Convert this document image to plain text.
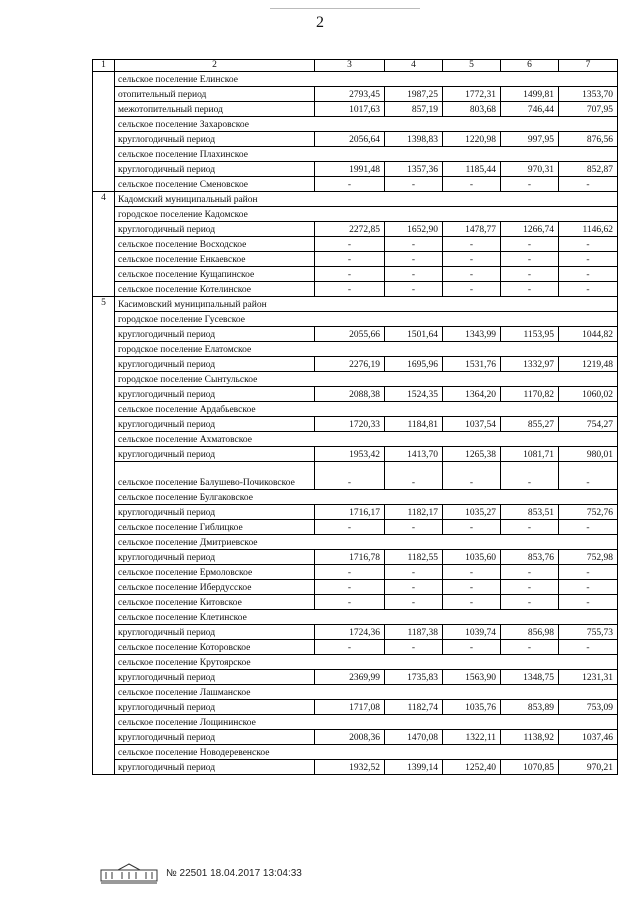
2
1	2	3	4	5	6	7
	сельское поселение Елинское					
	отопительный период	2793,45	1987,25	1772,31	1499,81	1353,70
	межотопительный период	1017,63	857,19	803,68	746,44	707,95
	сельское поселение Захаровское					
	круглогодичный период	2056,64	1398,83	1220,98	997,95	876,56
	сельское поселение Плахинское					
	круглогодичный период	1991,48	1357,36	1185,44	970,31	852,87
	сельское поселение Сменовское	-	-	-	-	-
4	Кадомский муниципальный район					
	городское поселение Кадомское					
	круглогодичный период	2272,85	1652,90	1478,77	1266,74	1146,62
	сельское поселение Восходское	-	-	-	-	-
	сельское поселение Енкаевское	-	-	-	-	-
	сельское поселение Кущапинское	-	-	-	-	-
	сельское поселение Котелинское	-	-	-	-	-
5	Касимовский муниципальный район					
	городское поселение Гусевское					
	круглогодичный период	2055,66	1501,64	1343,99	1153,95	1044,82
	городское поселение Елатомское					
	круглогодичный период	2276,19	1695,96	1531,76	1332,97	1219,48
	городское поселение Сынтульское					
	круглогодичный период	2088,38	1524,35	1364,20	1170,82	1060,02
	сельское поселение Ардабьевское					
	круглогодичный период	1720,33	1184,81	1037,54	855,27	754,27
	сельское поселение Ахматовское					
	круглогодичный период	1953,42	1413,70	1265,38	1081,71	980,01
	сельское поселение Балушево-Почиковское	-	-	-	-	-
	сельское поселение Булгаковское					
	круглогодичный период	1716,17	1182,17	1035,27	853,51	752,76
	сельское поселение Гиблицкое	-	-	-	-	-
	сельское поселение Дмитриевское					
	круглогодичный период	1716,78	1182,55	1035,60	853,76	752,98
	сельское поселение Ермоловское	-	-	-	-	-
	сельское поселение Ибердусское	-	-	-	-	-
	сельское поселение Китовское	-	-	-	-	-
	сельское поселение Клетинское					
	круглогодичный период	1724,36	1187,38	1039,74	856,98	755,73
	сельское поселение Которовское	-	-	-	-	-
	сельское поселение Крутоярское					
	круглогодичный период	2369,99	1735,83	1563,90	1348,75	1231,31
	сельское поселение Лашманское					
	круглогодичный период	1717,08	1182,74	1035,76	853,89	753,09
	сельское поселение Лощининское					
	круглогодичный период	2008,36	1470,08	1322,11	1138,92	1037,46
	сельское поселение Новодеревенское					
	круглогодичный период	1932,52	1399,14	1252,40	1070,85	970,21
№ 22501 18.04.2017 13:04:33
